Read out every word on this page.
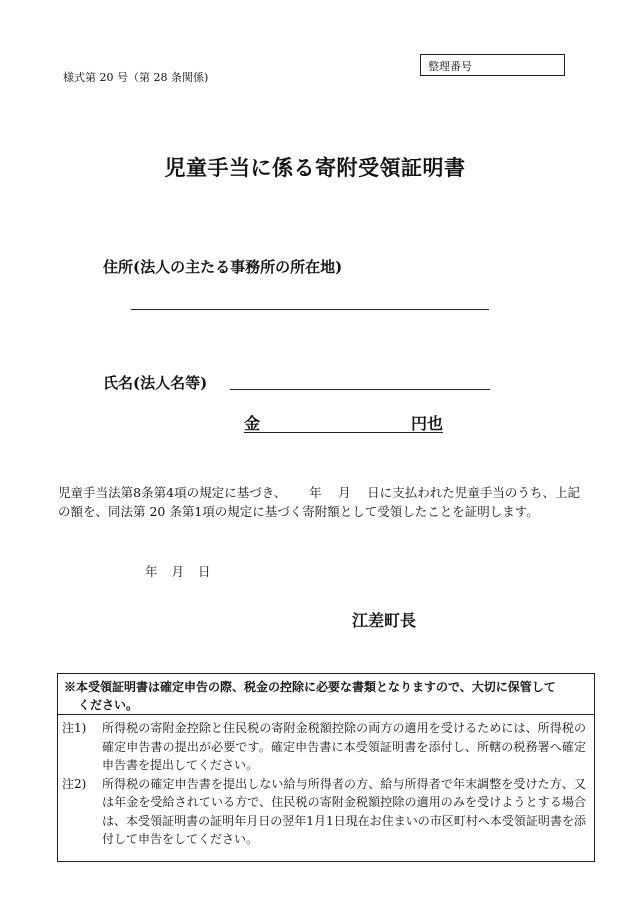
様式第 20 号（第 28 条関係)
整理番号
児童手当に係る寄附受領証明書
住所(法人の主たる事務所の所在地)
氏名(法人名等)
金	円也
児童手当法第8条第4項の規定に基づき、　　 年　 月　 日に支払われた児童手当のうち、上記の額を、同法第 20 条第1項の規定に基づく寄附額として受領したことを証明します。
年 月 日
江差町長
※本受領証明書は確定申告の際、税金の控除に必要な書類となりますので、大切に保管して
ください。
注1) 所得税の寄附金控除と住民税の寄附金税額控除の両方の適用を受けるためには、所得税の確定申告書の提出が必要です。確定申告書に本受領証明書を添付し、所轄の税務署へ確定申告書を提出してください。
注2) 所得税の確定申告書を提出しない給与所得者の方、給与所得者で年末調整を受けた方、又は年金を受給されている方で、住民税の寄附金税額控除の適用のみを受けようとする場合は、本受領証明書の証明年月日の翌年1月1日現在お住まいの市区町村へ本受領証明書を添付して申告をしてください。
